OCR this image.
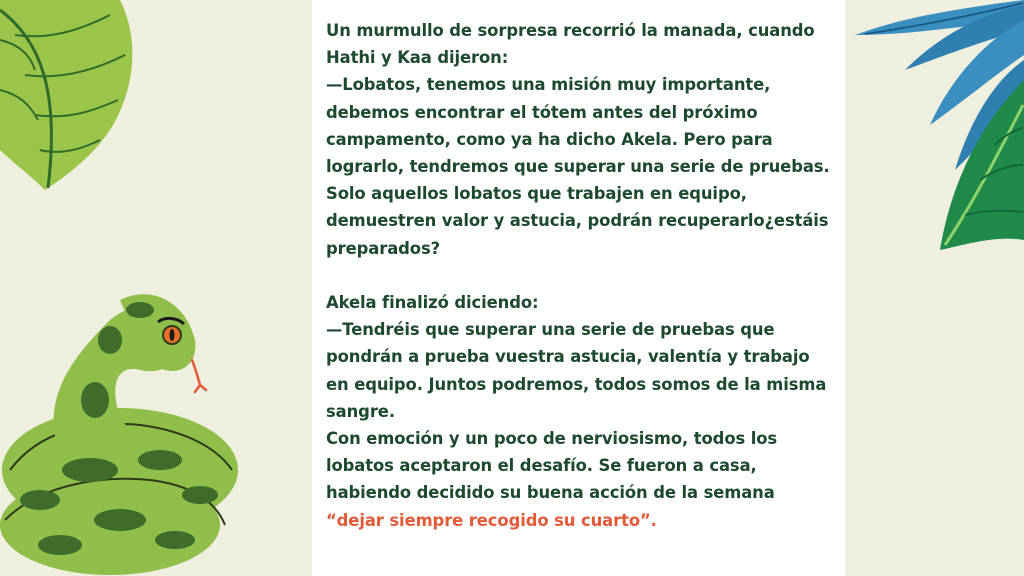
Un murmullo de sorpresa recorrió la manada, cuando Hathi y Kaa dijeron:

—Lobatos, tenemos una misión muy importante, debemos encontrar el tótem antes del próximo campamento, como ya ha dicho Akela. Pero para lograrlo, tendremos que superar una serie de pruebas. Solo aquellos lobatos que trabajen en equipo, demuestren valor y astucia, podrán recuperarlo¿estáis preparados?

Akela finalizó diciendo:

—Tendréis que superar una serie de pruebas que pondrán a prueba vuestra astucia, valentía y trabajo en equipo. Juntos podremos, todos somos de la misma sangre.

Con emoción y un poco de nerviosismo, todos los lobatos aceptaron el desafío. Se fueron a casa, habiendo decidido su buena acción de la semana “dejar siempre recogido su cuarto”.
